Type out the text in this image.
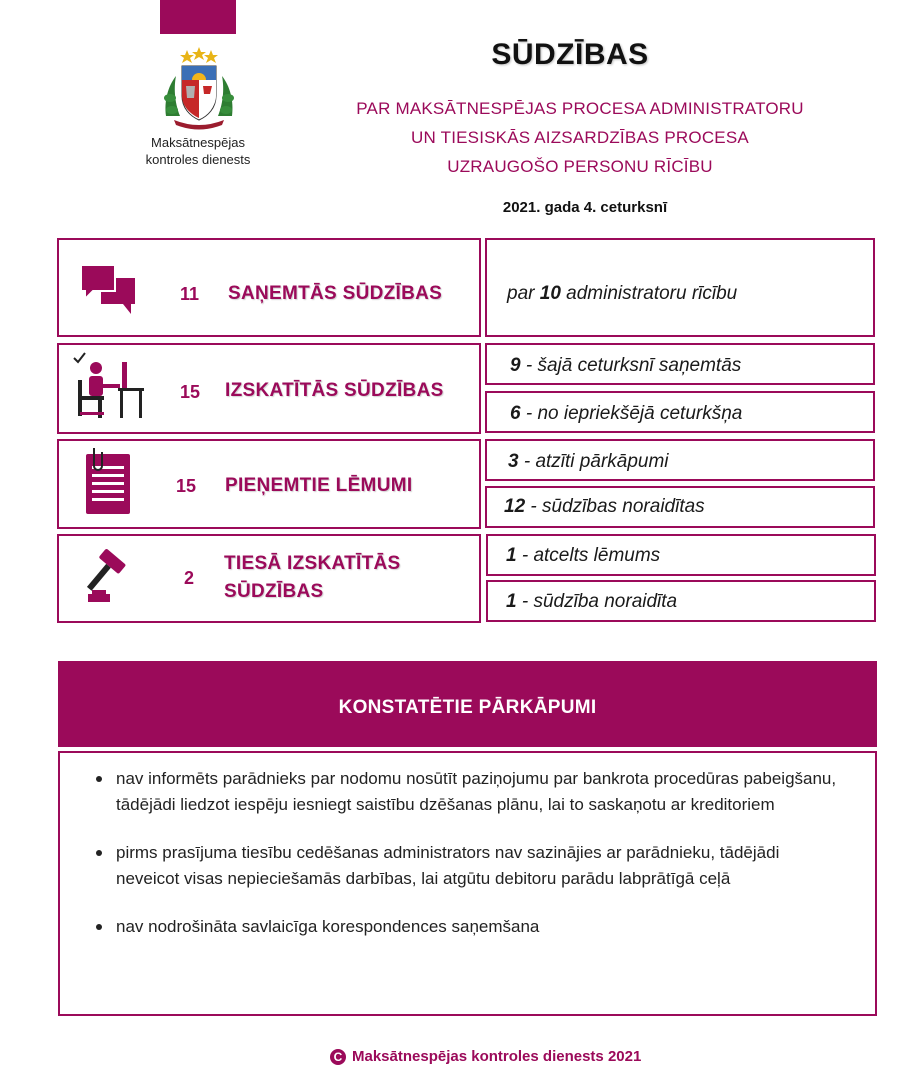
Maksātnespējas
kontroles dienests
SŪDZĪBAS
PAR MAKSĀTNESPĒJAS PROCESA ADMINISTRATORU
UN TIESISKĀS AIZSARDZĪBAS PROCESA
UZRAUGOŠO PERSONU RĪCĪBU
2021. gada 4. ceturksnī
11 SAŅEMTĀS SŪDZĪBAS	par 10 administratoru rīcību
15 IZSKATĪTĀS SŪDZĪBAS
9 - šajā ceturksnī saņemtās
6 - no iepriekšējā ceturkšņa
15 PIEŅEMTIE LĒMUMI
3 - atzīti pārkāpumi
12 - sūdzības noraidītas
2
TIESĀ IZSKATĪTĀS
SŪDZĪBAS
1 - atcelts lēmums
1 - sūdzība noraidīta
KONSTATĒTIE PĀRKĀPUMI
nav informēts parādnieks par nodomu nosūtīt paziņojumu par bankrota procedūras pabeigšanu, tādējādi liedzot iespēju iesniegt saistību dzēšanas plānu, lai to saskaņotu ar kreditoriem
pirms prasījuma tiesību cedēšanas administrators nav sazinājies ar parādnieku, tādējādi neveicot visas nepieciešamās darbības, lai atgūtu debitoru parādu labprātīgā ceļā
nav nodrošināta savlaicīga korespondences saņemšana
C Maksātnespējas kontroles dienests 2021
